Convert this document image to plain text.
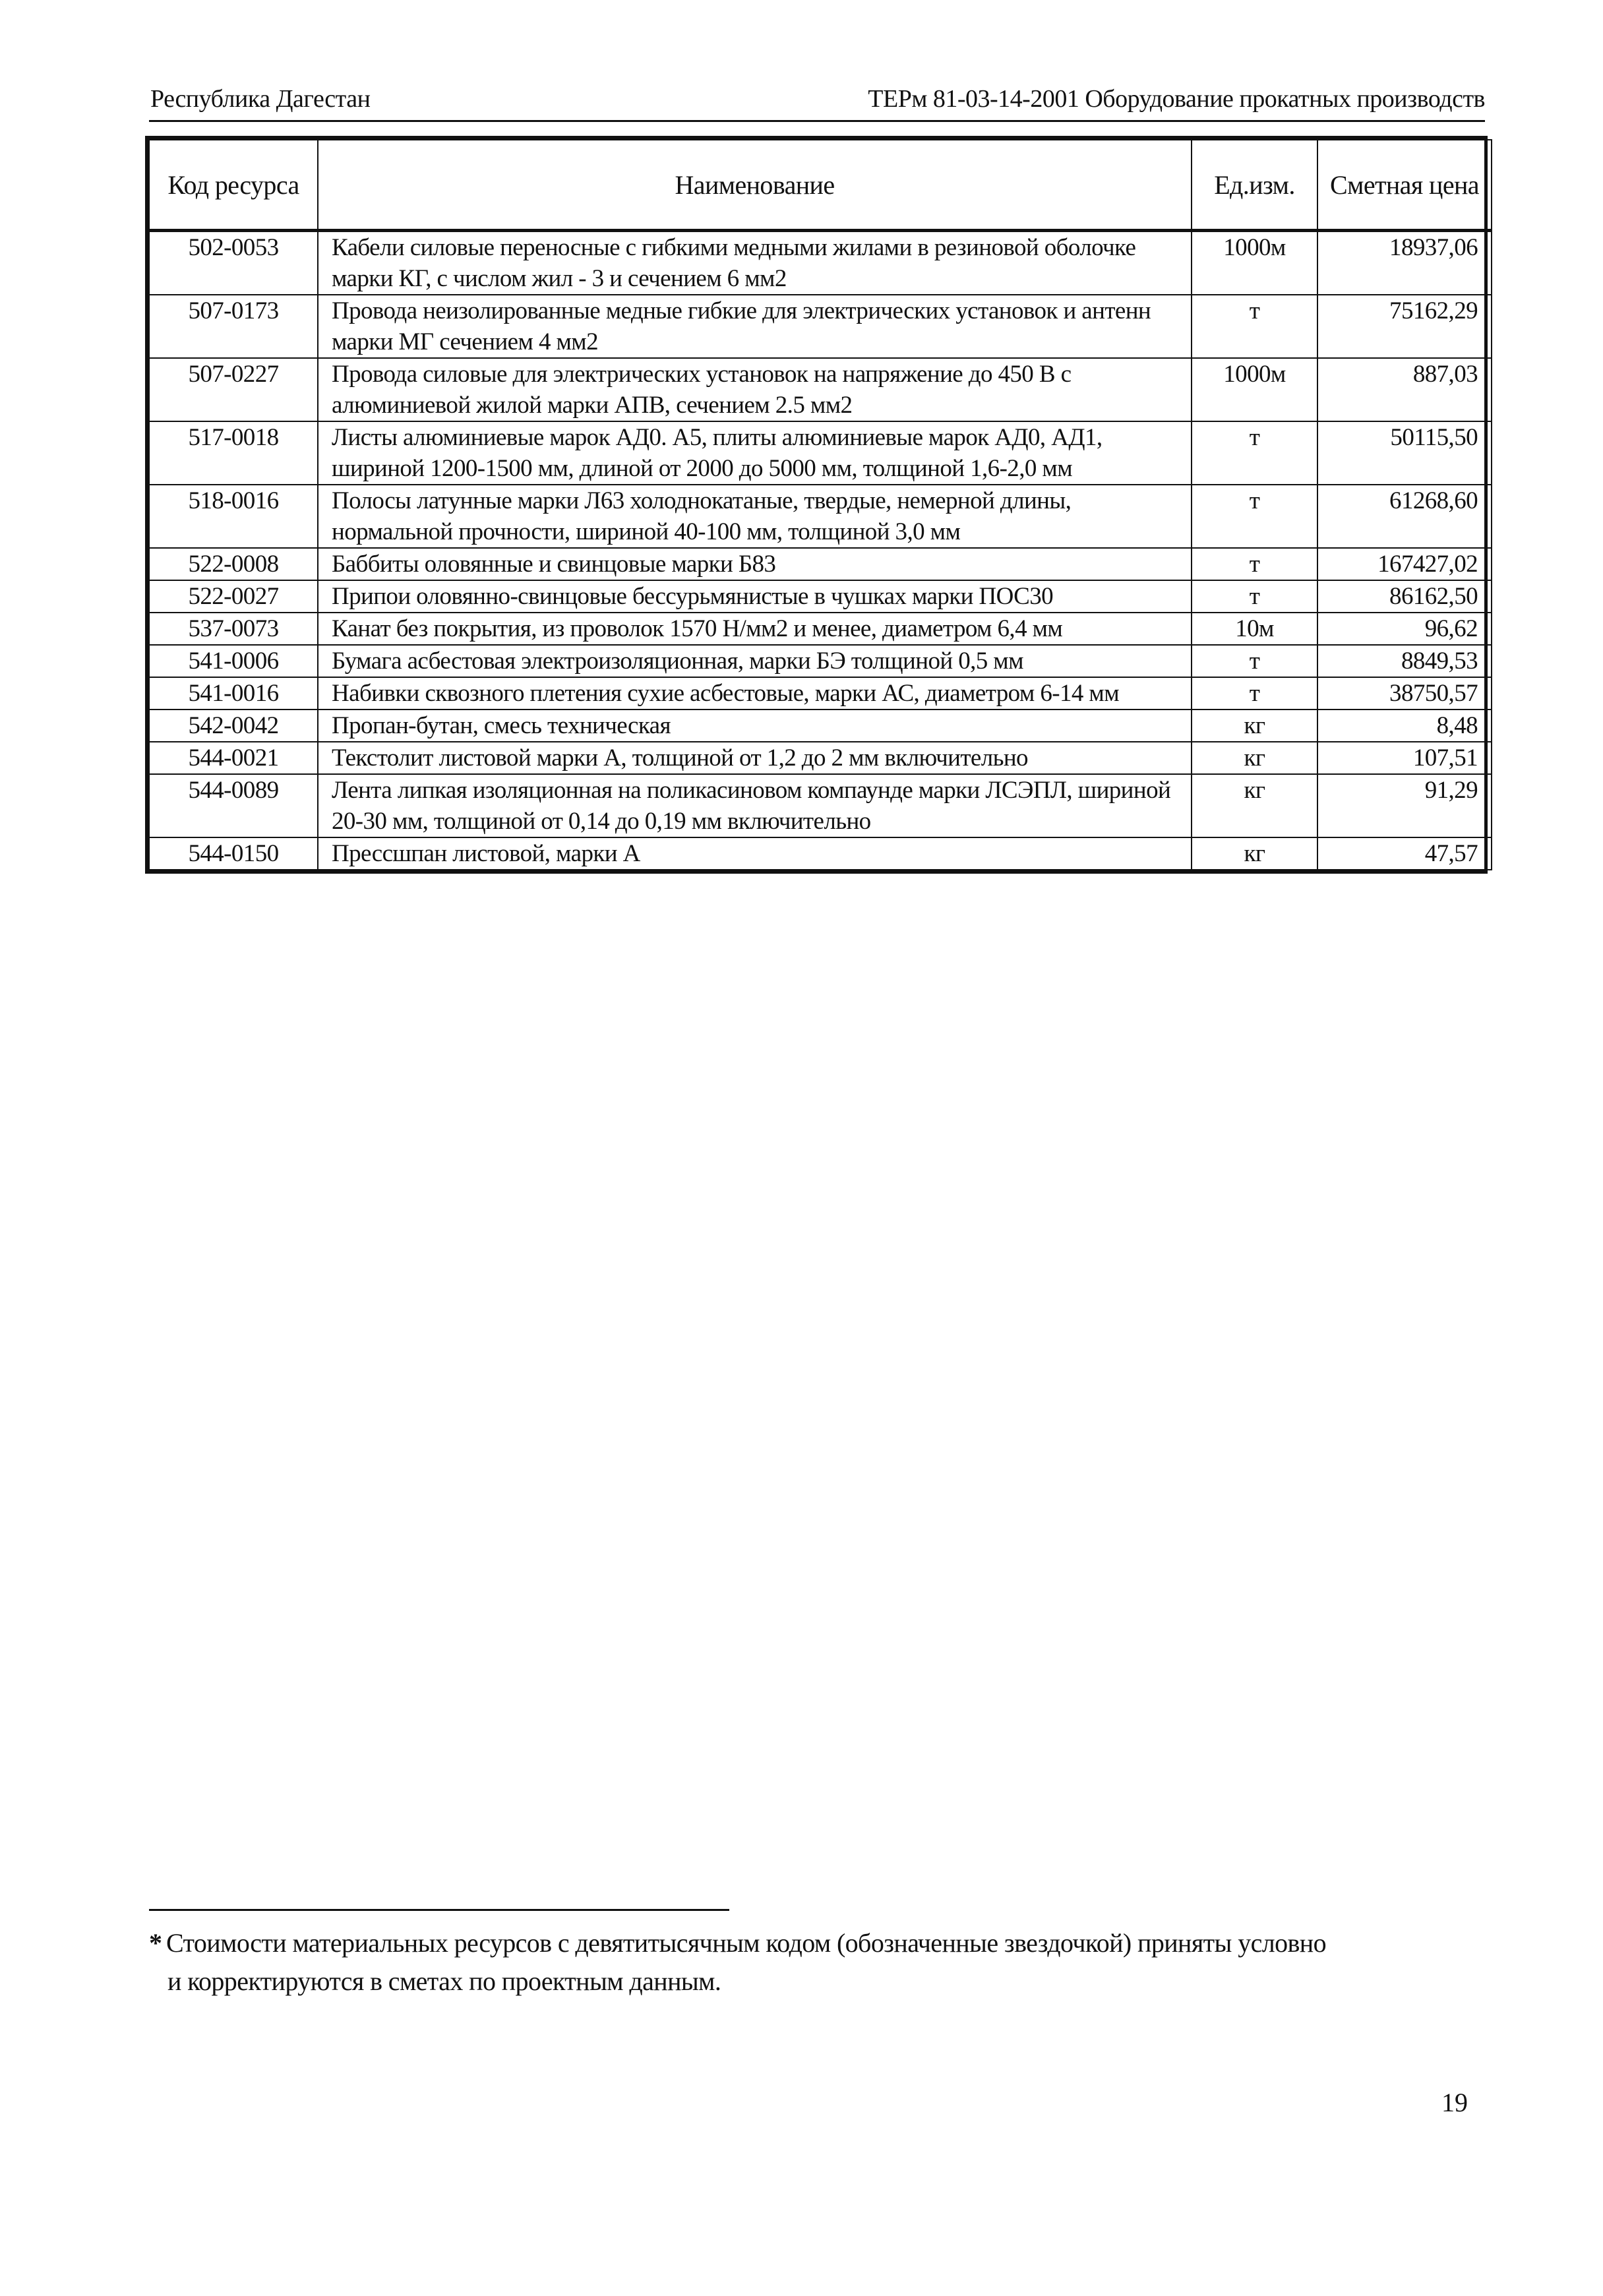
Республика Дагестан	ТЕРм 81-03-14-2001 Оборудование прокатных производств
Код ресурса	Наименование	Ед.изм.	Сметная цена
502-0053	Кабели силовые переносные с гибкими медными жилами в резиновой оболочке марки КГ, с числом жил - 3 и сечением 6 мм2	1000м	18937,06
507-0173	Провода неизолированные медные гибкие для электрических установок и антенн марки МГ сечением 4 мм2	т	75162,29
507-0227	Провода силовые для электрических установок на напряжение до 450 В с алюминиевой жилой марки АПВ, сечением 2.5 мм2	1000м	887,03
517-0018	Листы алюминиевые марок АД0. А5, плиты алюминиевые марок АД0, АД1, шириной 1200-1500 мм, длиной от 2000 до 5000 мм, толщиной 1,6-2,0 мм	т	50115,50
518-0016	Полосы латунные марки Л63 холоднокатаные, твердые, немерной длины, нормальной прочности, шириной 40-100 мм, толщиной 3,0 мм	т	61268,60
522-0008	Баббиты оловянные и свинцовые марки Б83	т	167427,02
522-0027	Припои оловянно-свинцовые бессурьмянистые в чушках марки ПОС30	т	86162,50
537-0073	Канат без покрытия, из проволок 1570 Н/мм2 и менее, диаметром 6,4 мм	10м	96,62
541-0006	Бумага асбестовая электроизоляционная, марки БЭ толщиной 0,5 мм	т	8849,53
541-0016	Набивки сквозного плетения сухие асбестовые, марки АС, диаметром 6-14 мм	т	38750,57
542-0042	Пропан-бутан, смесь техническая	кг	8,48
544-0021	Текстолит листовой марки А, толщиной от 1,2 до 2 мм включительно	кг	107,51
544-0089	Лента липкая изоляционная на поликасиновом компаунде марки ЛСЭПЛ, шириной 20-30 мм, толщиной от 0,14 до 0,19 мм включительно	кг	91,29
544-0150	Прессшпан листовой, марки А	кг	47,57
* Стоимости материальных ресурсов с девятитысячным кодом (обозначенные звездочкой) приняты условно
и корректируются в сметах по проектным данным.
19
